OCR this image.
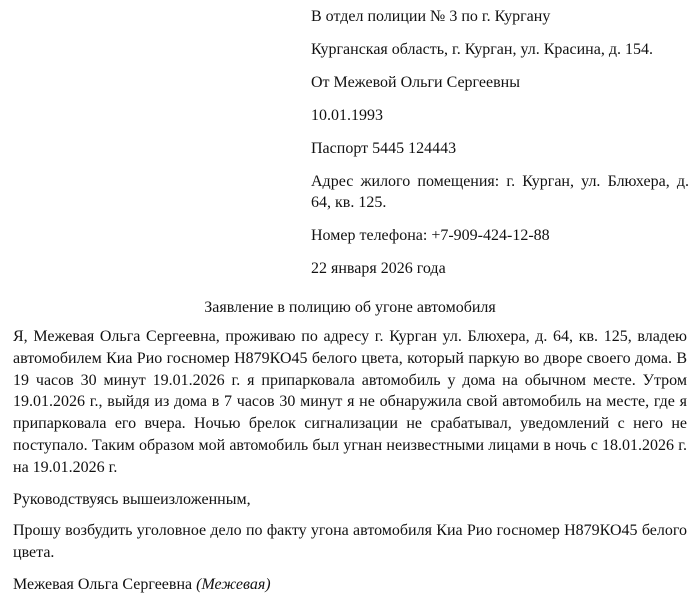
В отдел полиции № 3 по г. Кургану

Курганская область, г. Курган, ул. Красина, д. 154.

От Межевой Ольги Сергеевны

10.01.1993

Паспорт 5445 124443

Адрес жилого помещения: г. Курган, ул. Блюхера, д. 64, кв. 125.

Номер телефона: +7-909-424-12-88

22 января 2026 года

Заявление в полицию об угоне автомобиля

Я, Межевая Ольга Сергеевна, проживаю по адресу г. Курган ул. Блюхера, д. 64, кв. 125, владею автомобилем Киа Рио госномер Н879КО45 белого цвета, который паркую во дворе своего дома. В 19 часов 30 минут 19.01.2026 г. я припарковала автомобиль у дома на обычном месте. Утром 19.01.2026 г., выйдя из дома в 7 часов 30 минут я не обнаружила свой автомобиль на месте, где я припарковала его вчера. Ночью брелок сигнализации не срабатывал, уведомлений с него не поступало. Таким образом мой автомобиль был угнан неизвестными лицами в ночь с 18.01.2026 г. на 19.01.2026 г.

Руководствуясь вышеизложенным,

Прошу возбудить уголовное дело по факту угона автомобиля Киа Рио госномер Н879КО45 белого цвета.

Межевая Ольга Сергеевна (Межевая)
